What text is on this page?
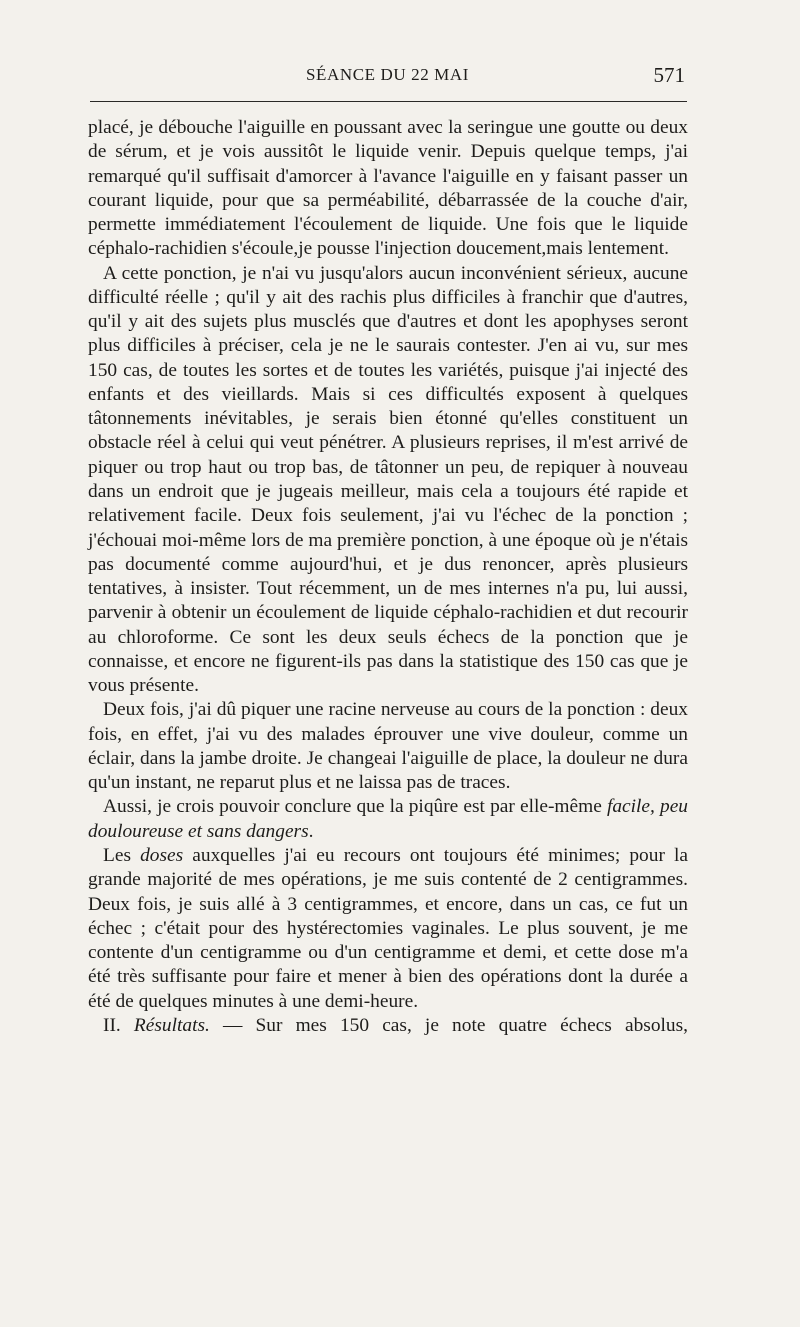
SÉANCE DU 22 MAI	571

placé, je débouche l'aiguille en poussant avec la seringue une goutte ou deux de sérum, et je vois aussitôt le liquide venir. Depuis quelque temps, j'ai remarqué qu'il suffisait d'amorcer à l'avance l'aiguille en y faisant passer un courant liquide, pour que sa perméabilité, débarrassée de la couche d'air, permette immédiatement l'écoulement de liquide. Une fois que le liquide céphalo-rachidien s'écoule,je pousse l'injection doucement,mais lentement.

A cette ponction, je n'ai vu jusqu'alors aucun inconvénient sérieux, aucune difficulté réelle ; qu'il y ait des rachis plus difficiles à franchir que d'autres, qu'il y ait des sujets plus musclés que d'autres et dont les apophyses seront plus difficiles à préciser, cela je ne le saurais contester. J'en ai vu, sur mes 150 cas, de toutes les sortes et de toutes les variétés, puisque j'ai injecté des enfants et des vieillards. Mais si ces difficultés exposent à quelques tâtonnements inévitables, je serais bien étonné qu'elles constituent un obstacle réel à celui qui veut pénétrer. A plusieurs reprises, il m'est arrivé de piquer ou trop haut ou trop bas, de tâtonner un peu, de repiquer à nouveau dans un endroit que je jugeais meilleur, mais cela a toujours été rapide et relativement facile. Deux fois seulement, j'ai vu l'échec de la ponction ; j'échouai moi-même lors de ma première ponction, à une époque où je n'étais pas documenté comme aujourd'hui, et je dus renoncer, après plusieurs tentatives, à insister. Tout récemment, un de mes internes n'a pu, lui aussi, parvenir à obtenir un écoulement de liquide céphalo-rachidien et dut recourir au chloroforme. Ce sont les deux seuls échecs de la ponction que je connaisse, et encore ne figurent-ils pas dans la statistique des 150 cas que je vous présente.

Deux fois, j'ai dû piquer une racine nerveuse au cours de la ponction : deux fois, en effet, j'ai vu des malades éprouver une vive douleur, comme un éclair, dans la jambe droite. Je changeai l'aiguille de place, la douleur ne dura qu'un instant, ne reparut plus et ne laissa pas de traces.

Aussi, je crois pouvoir conclure que la piqûre est par elle-même facile, peu douloureuse et sans dangers.

Les doses auxquelles j'ai eu recours ont toujours été minimes; pour la grande majorité de mes opérations, je me suis contenté de 2 centigrammes. Deux fois, je suis allé à 3 centigrammes, et encore, dans un cas, ce fut un échec ; c'était pour des hystérectomies vaginales. Le plus souvent, je me contente d'un centigramme ou d'un centigramme et demi, et cette dose m'a été très suffisante pour faire et mener à bien des opérations dont la durée a été de quelques minutes à une demi-heure.

II. Résultats. — Sur mes 150 cas, je note quatre échecs absolus,
